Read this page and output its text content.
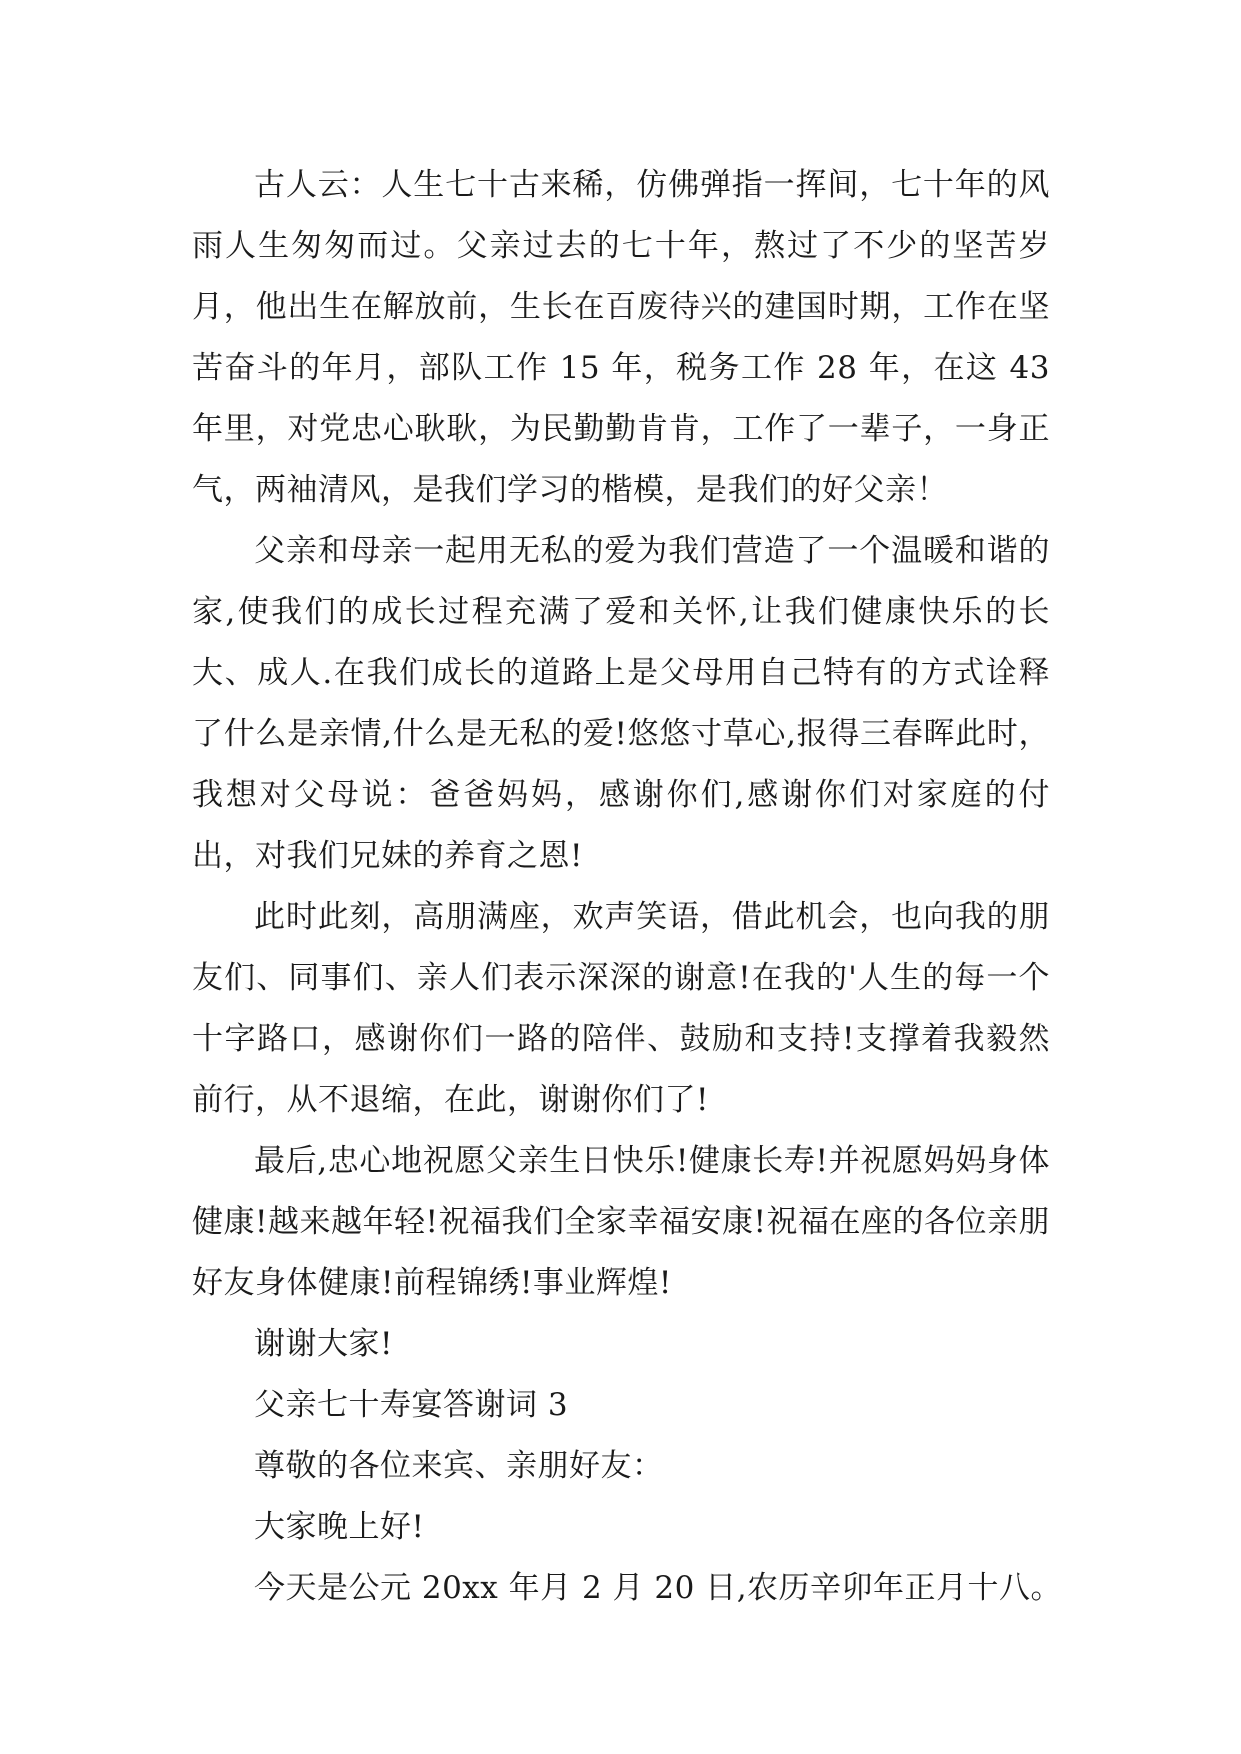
古人云：人生七十古来稀，仿佛弹指一挥间，七十年的风雨人生匆匆而过。父亲过去的七十年，熬过了不少的坚苦岁月，他出生在解放前，生长在百废待兴的建国时期，工作在坚苦奋斗的年月，部队工作 15 年，税务工作 28 年，在这 43 年里，对党忠心耿耿，为民勤勤肯肯，工作了一辈子，一身正气，两袖清风，是我们学习的楷模，是我们的好父亲！

父亲和母亲一起用无私的爱为我们营造了一个温暖和谐的家,使我们的成长过程充满了爱和关怀,让我们健康快乐的长大、成人.在我们成长的道路上是父母用自己特有的方式诠释了什么是亲情,什么是无私的爱!悠悠寸草心,报得三春晖此时，我想对父母说：爸爸妈妈，感谢你们,感谢你们对家庭的付出，对我们兄妹的养育之恩!

此时此刻，高朋满座，欢声笑语，借此机会，也向我的朋友们、同事们、亲人们表示深深的谢意!在我的'人生的每一个十字路口，感谢你们一路的陪伴、鼓励和支持!支撑着我毅然前行，从不退缩，在此，谢谢你们了!

最后,忠心地祝愿父亲生日快乐!健康长寿!并祝愿妈妈身体健康!越来越年轻!祝福我们全家幸福安康!祝福在座的各位亲朋好友身体健康!前程锦绣!事业辉煌!

谢谢大家!

父亲七十寿宴答谢词 3

尊敬的各位来宾、亲朋好友：

大家晚上好!

今天是公元 20xx 年月 2 月 20 日,农历辛卯年正月十八。
